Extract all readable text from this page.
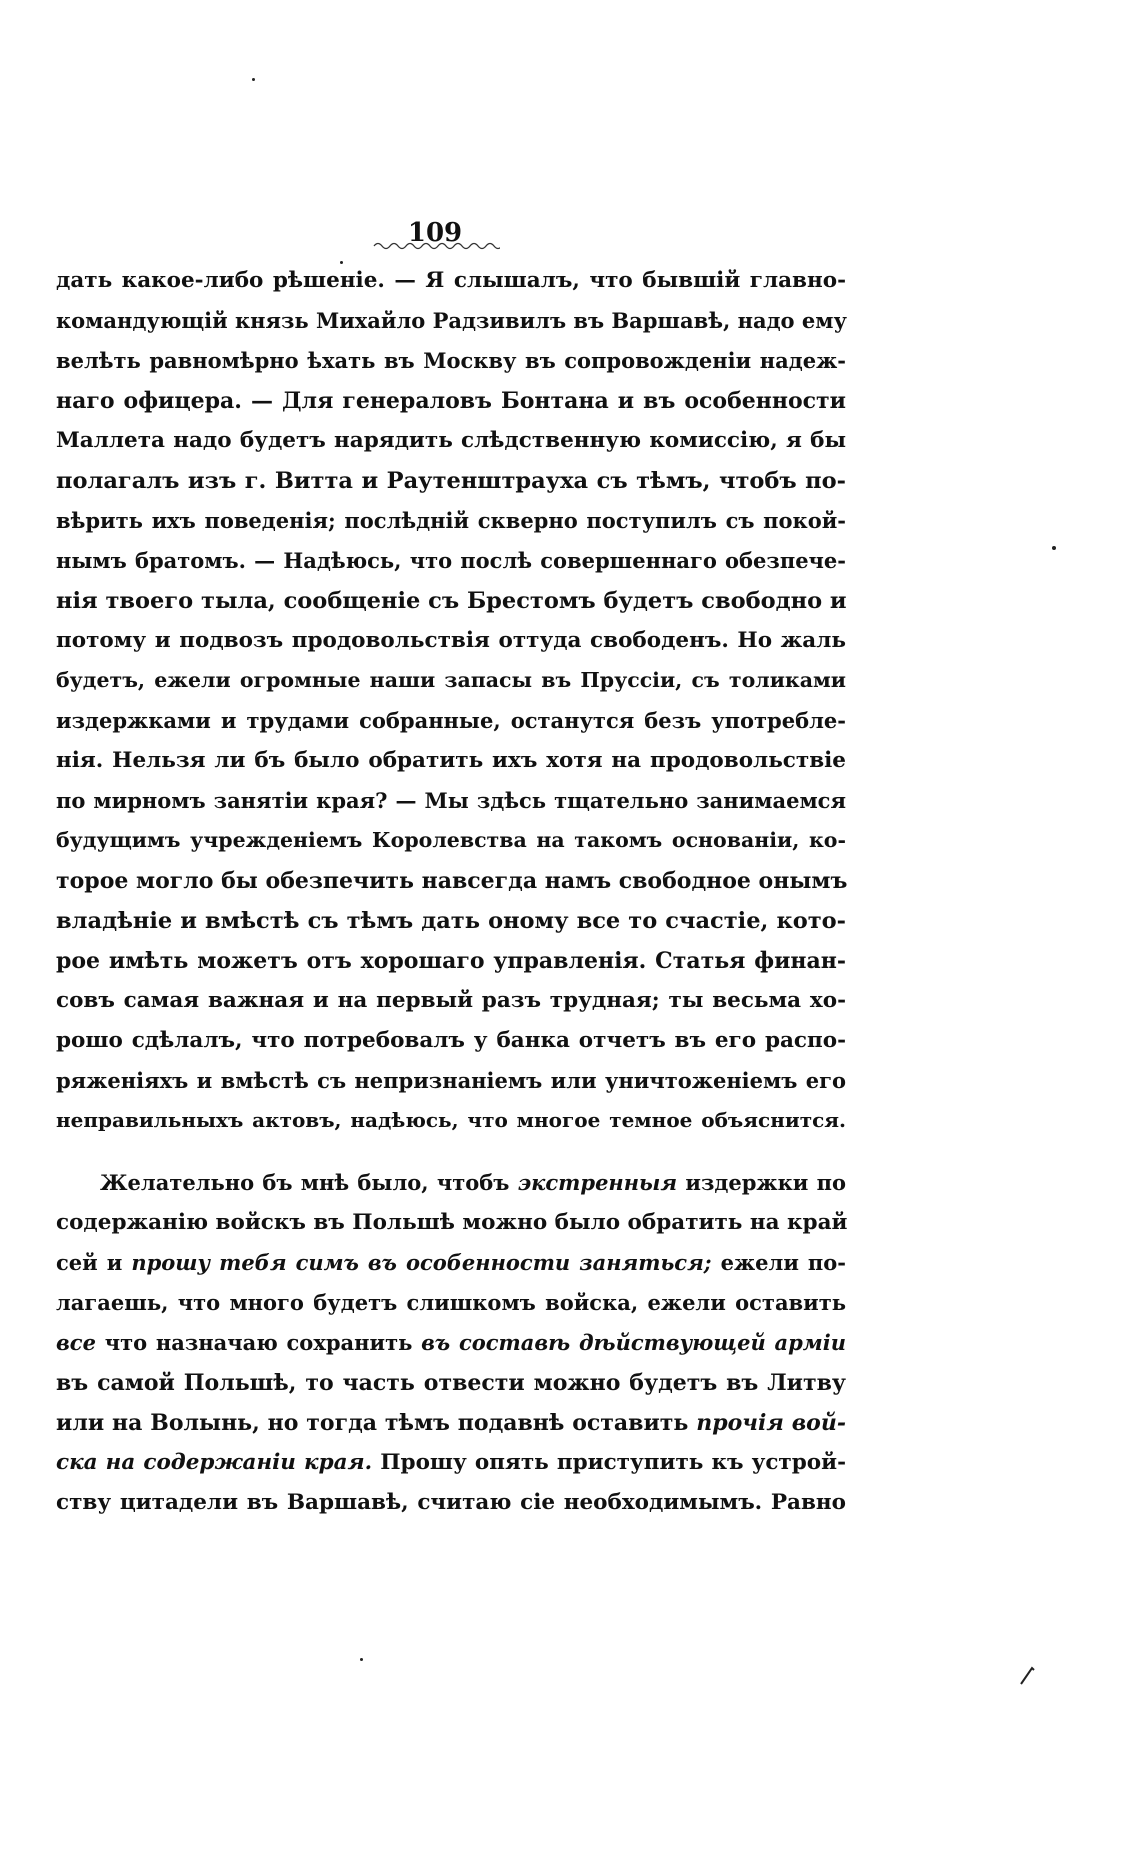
109
дать какое-либо рѣшеніе. — Я слышалъ, что бывшій главно-
командующій князь Михайло Радзивилъ въ Варшавѣ, надо ему
велѣть равномѣрно ѣхать въ Москву въ сопровожденіи надеж-
наго офицера. — Для генераловъ Бонтана и въ особенности
Маллета надо будетъ нарядить слѣдственную комиссію, я бы
полагалъ изъ г. Витта и Раутенштрауха съ тѣмъ, чтобъ по-
вѣрить ихъ поведенія; послѣдній скверно поступилъ съ покой-
нымъ братомъ. — Надѣюсь, что послѣ совершеннаго обезпече-
нія твоего тыла, сообщеніе съ Брестомъ будетъ свободно и
потому и подвозъ продовольствія оттуда свободенъ. Но жаль
будетъ, ежели огромные наши запасы въ Пруссіи, съ толиками
издержками и трудами собранные, останутся безъ употребле-
нія. Нельзя ли бъ было обратить ихъ хотя на продовольствіе
по мирномъ занятіи края? — Мы здѣсь тщательно занимаемся
будущимъ учрежденіемъ Королевства на такомъ основаніи, ко-
торое могло бы обезпечить навсегда намъ свободное онымъ
владѣніе и вмѣстѣ съ тѣмъ дать оному все то счастіе, кото-
рое имѣть можетъ отъ хорошаго управленія. Статья финан-
совъ самая важная и на первый разъ трудная; ты весьма хо-
рошо сдѣлалъ, что потребовалъ у банка отчетъ въ его распо-
ряженіяхъ и вмѣстѣ съ непризнаніемъ или уничтоженіемъ его
неправильныхъ актовъ, надѣюсь, что многое темное объяснится.
Желательно бъ мнѣ было, чтобъ экстренныя издержки по
содержанію войскъ въ Польшѣ можно было обратить на край
сей и прошу тебя симъ въ особенности заняться; ежели по-
лагаешь, что много будетъ слишкомъ войска, ежели оставить
все что назначаю сохранить въ составѣ дѣйствующей арміи
въ самой Польшѣ, то часть отвести можно будетъ въ Литву
или на Волынь, но тогда тѣмъ подавнѣ оставить прочія вой-
ска на содержаніи края. Прошу опять приступить къ устрой-
ству цитадели въ Варшавѣ, считаю сіе необходимымъ. Равно
